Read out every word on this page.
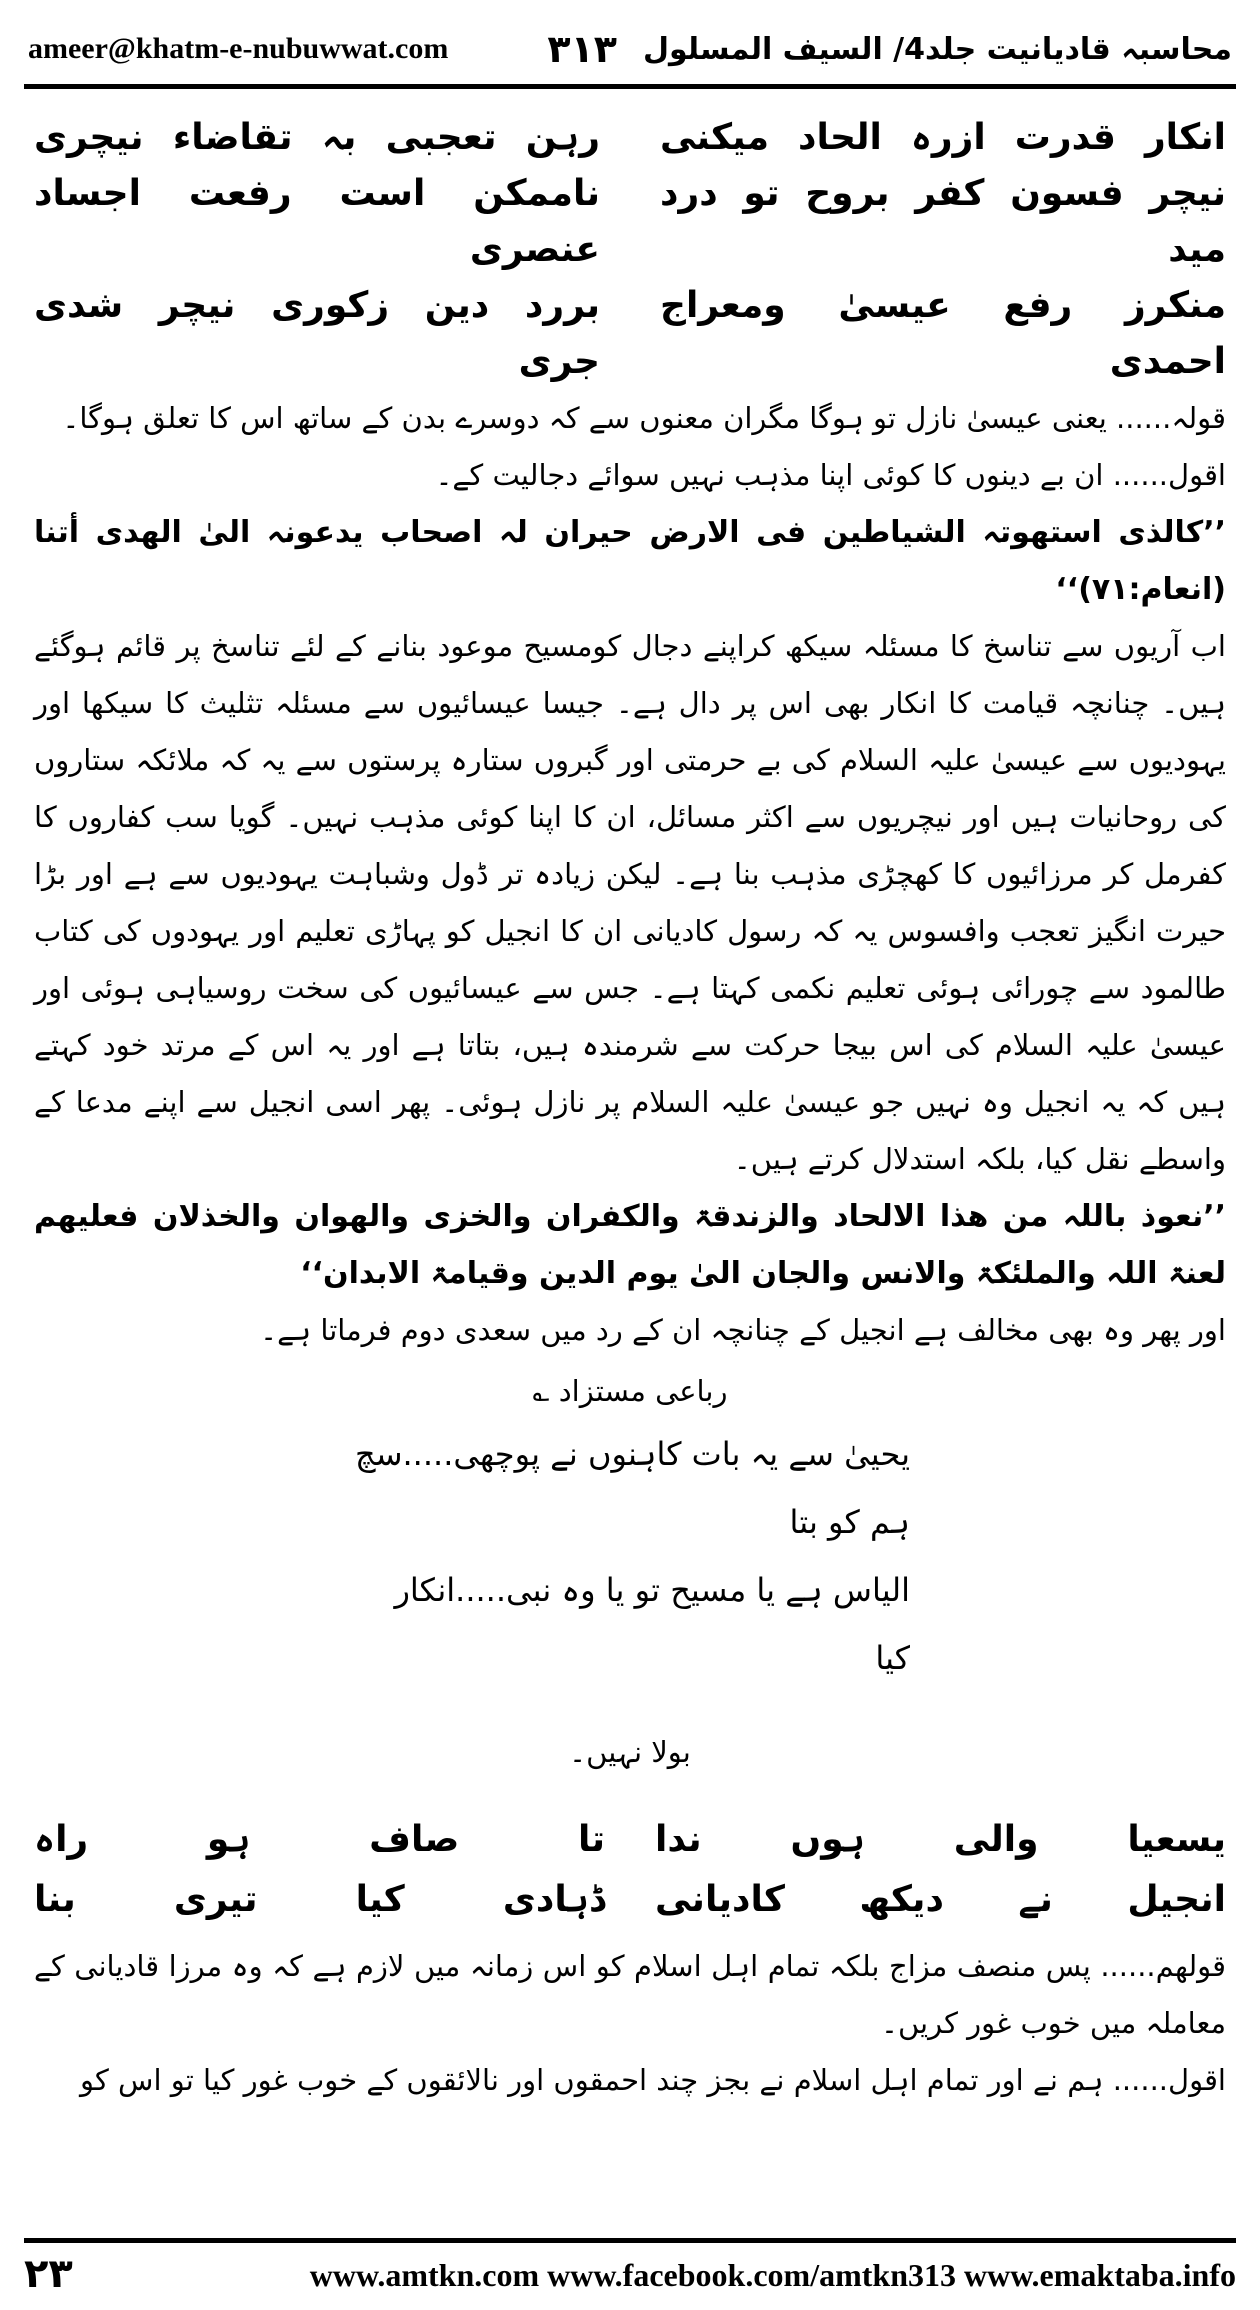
ameer@khatm-e-nubuwwat.com	محاسبہ قادیانیت جلد4/ السیف المسلول
۳۱۳
انکار قدرت ازرہ الحاد میکنی
رہن تعجبی بہ تقاضاء نیچری
نیچر فسون کفر بروح تو درد مید
ناممکن است رفعت اجساد عنصری
منکرز رفع عیسیٰ ومعراج احمدی
بررد دین زکوری نیچر شدی جری

قولہ...... یعنی عیسیٰ نازل تو ہوگا مگران معنوں سے کہ دوسرے بدن کے ساتھ اس کا تعلق ہوگا۔

اقول...... ان بے دینوں کا کوئی اپنا مذہب نہیں سوائے دجالیت کے۔

’’کالذی استھوتہ الشیاطین فی الارض حیران لہ اصحاب یدعونہ الیٰ الھدی أتنا (انعام:۷۱)‘‘

اب آریوں سے تناسخ کا مسئلہ سیکھ کراپنے دجال کومسیح موعود بنانے کے لئے تناسخ پر قائم ہوگئے ہیں۔ چنانچہ قیامت کا انکار بھی اس پر دال ہے۔ جیسا عیسائیوں سے مسئلہ تثلیث کا سیکھا اور یہودیوں سے عیسیٰ علیہ السلام کی بے حرمتی اور گبروں ستارہ پرستوں سے یہ کہ ملائکہ ستاروں کی روحانیات ہیں اور نیچریوں سے اکثر مسائل، ان کا اپنا کوئی مذہب نہیں۔ گویا سب کفاروں کا کفرمل کر مرزائیوں کا کھچڑی مذہب بنا ہے۔ لیکن زیادہ تر ڈول وشباہت یہودیوں سے ہے اور بڑا حیرت انگیز تعجب وافسوس یہ کہ رسول کادیانی ان کا انجیل کو پہاڑی تعلیم اور یہودوں کی کتاب طالمود سے چورائی ہوئی تعلیم نکمی کہتا ہے۔ جس سے عیسائیوں کی سخت روسیاہی ہوئی اور عیسیٰ علیہ السلام کی اس بیجا حرکت سے شرمندہ ہیں، بتاتا ہے اور یہ اس کے مرتد خود کہتے ہیں کہ یہ انجیل وہ نہیں جو عیسیٰ علیہ السلام پر نازل ہوئی۔ پھر اسی انجیل سے اپنے مدعا کے واسطے نقل کیا، بلکہ استدلال کرتے ہیں۔

’’نعوذ باللہ من ھذا الالحاد والزندقۃ والکفران والخزی والھوان والخذلان فعلیھم لعنۃ اللہ والملئکۃ والانس والجان الیٰ یوم الدین وقیامۃ الابدان‘‘

اور پھر وہ بھی مخالف ہے انجیل کے چنانچہ ان کے رد میں سعدی دوم فرماتا ہے۔

رباعی مستزاد ؎
یحییٰ سے یہ بات کاہنوں نے پوچھی.....سچ ہم کو بتا
الیاس ہے یا مسیح تو یا وہ نبی.....انکار کیا
بولا نہیں۔
یسعیا والی ہوں ندا
تا صاف ہو راہ
انجیل نے دیکھ کادیانی
ڈہادی کیا تیری بنا

قولھم...... پس منصف مزاج بلکہ تمام اہل اسلام کو اس زمانہ میں لازم ہے کہ وہ مرزا قادیانی کے معاملہ میں خوب غور کریں۔

اقول...... ہم نے اور تمام اہل اسلام نے بجز چند احمقوں اور نالائقوں کے خوب غور کیا تو اس کو

۲۳	www.amtkn.com www.facebook.com/amtkn313 www.emaktaba.info
